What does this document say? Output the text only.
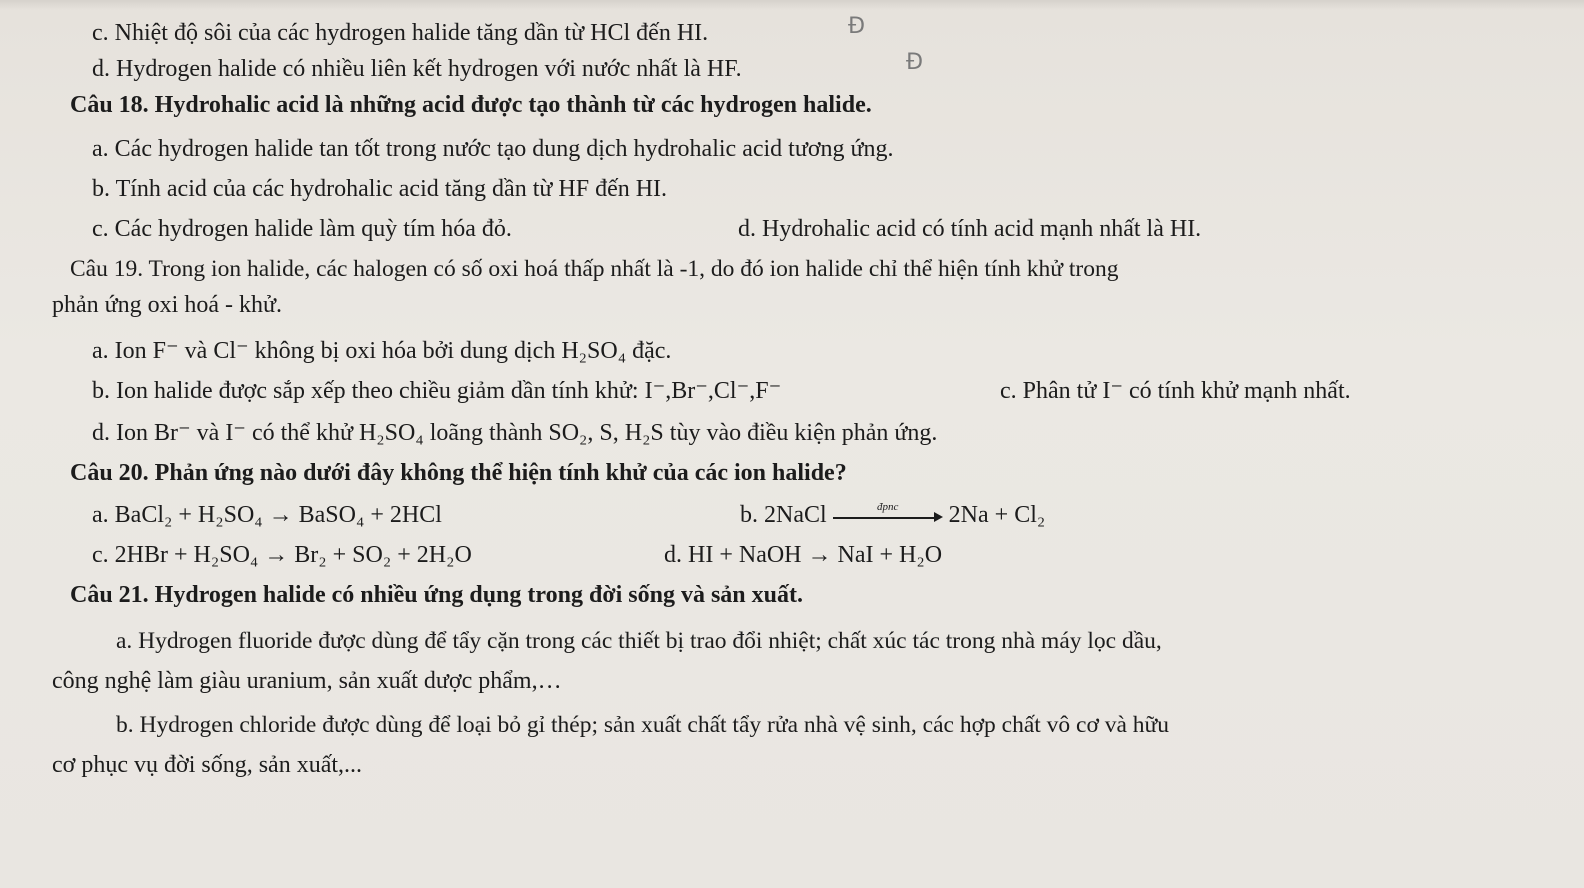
c. Nhiệt độ sôi của các hydrogen halide tăng dần từ HCl đến HI.	Đ
d. Hydrogen halide có nhiều liên kết hydrogen với nước nhất là HF.	Đ
Câu 18. Hydrohalic acid là những acid được tạo thành từ các hydrogen halide.
a. Các hydrogen halide tan tốt trong nước tạo dung dịch hydrohalic acid tương ứng.
b. Tính acid của các hydrohalic acid tăng dần từ HF đến HI.
c. Các hydrogen halide làm quỳ tím hóa đỏ.	d. Hydrohalic acid có tính acid mạnh nhất là HI.
Câu 19. Trong ion halide, các halogen có số oxi hoá thấp nhất là -1, do đó ion halide chỉ thể hiện tính khử trong
phản ứng oxi hoá - khử.
a. Ion F⁻ và Cl⁻ không bị oxi hóa bởi dung dịch H₂SO₄ đặc.
b. Ion halide được sắp xếp theo chiều giảm dần tính khử: I⁻,Br⁻,Cl⁻,F⁻	c. Phân tử I⁻ có tính khử mạnh nhất.
d. Ion Br⁻ và I⁻ có thể khử H₂SO₄ loãng thành SO₂, S, H₂S tùy vào điều kiện phản ứng.
Câu 20. Phản ứng nào dưới đây không thể hiện tính khử của các ion halide?
a. BaCl₂ + H₂SO₄ → BaSO₄ + 2HCl	b. 2NaCl	đpnc	2Na + Cl₂
c. 2HBr + H₂SO₄ → Br₂ + SO₂ + 2H₂O	d. HI + NaOH → NaI + H₂O
Câu 21. Hydrogen halide có nhiều ứng dụng trong đời sống và sản xuất.
a. Hydrogen fluoride được dùng để tẩy cặn trong các thiết bị trao đổi nhiệt; chất xúc tác trong nhà máy lọc dầu,
công nghệ làm giàu uranium, sản xuất dược phẩm,…
b. Hydrogen chloride được dùng để loại bỏ gỉ thép; sản xuất chất tẩy rửa nhà vệ sinh, các hợp chất vô cơ và hữu
cơ phục vụ đời sống, sản xuất,...
